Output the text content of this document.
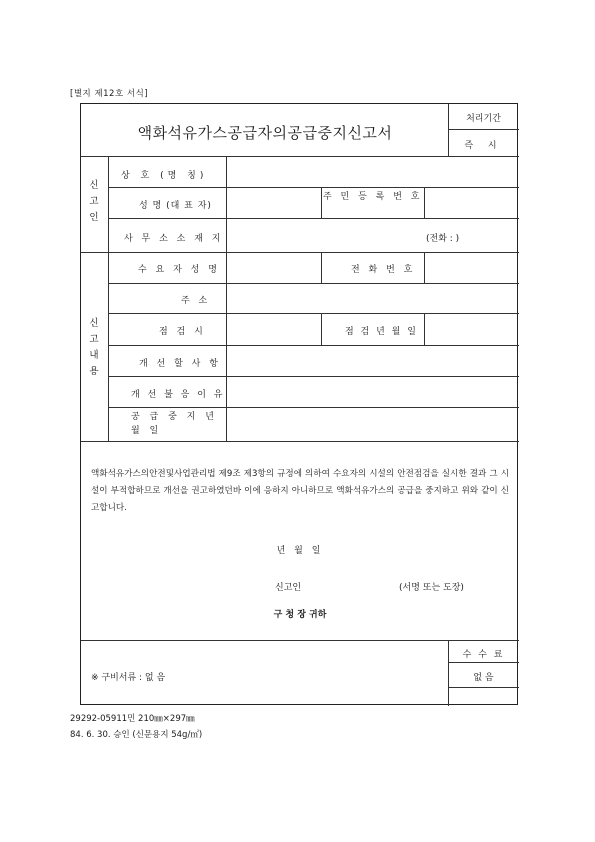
[별지 제12호 서식]
액화석유가스공급자의공급중지신고서
처리기간
즉 시
신
고
인
상 호 (명 칭)
성 명 (대 표 자)
주 민 등 록 번 호
사 무 소 소 재 지	(전화 : )
신
고
내
용
수 요 자 성 명	전 화 번 호
주 소
점 검 시	점 검 년 월 일
개 선 할 사 항
개 선 불 응 이 유
공 급 중 지 년 월 일
액화석유가스의안전및사업관리법 제9조 제3항의 규정에 의하여 수요자의 시설의 안전점검을 실시한 결과 그 시설이 부적합하므로 개선을 권고하였던바 이에 응하지 아니하므로 액화석유가스의 공급을 중지하고 위와 같이 신고합니다.
년 월 일
신고인	(서명 또는 도장)
구 청 장 귀하
※ 구비서류 : 없 음
수 수 료
없 음
29292-05911민 210㎜×297㎜
84. 6. 30. 승인 (신문용지 54g/㎡)
